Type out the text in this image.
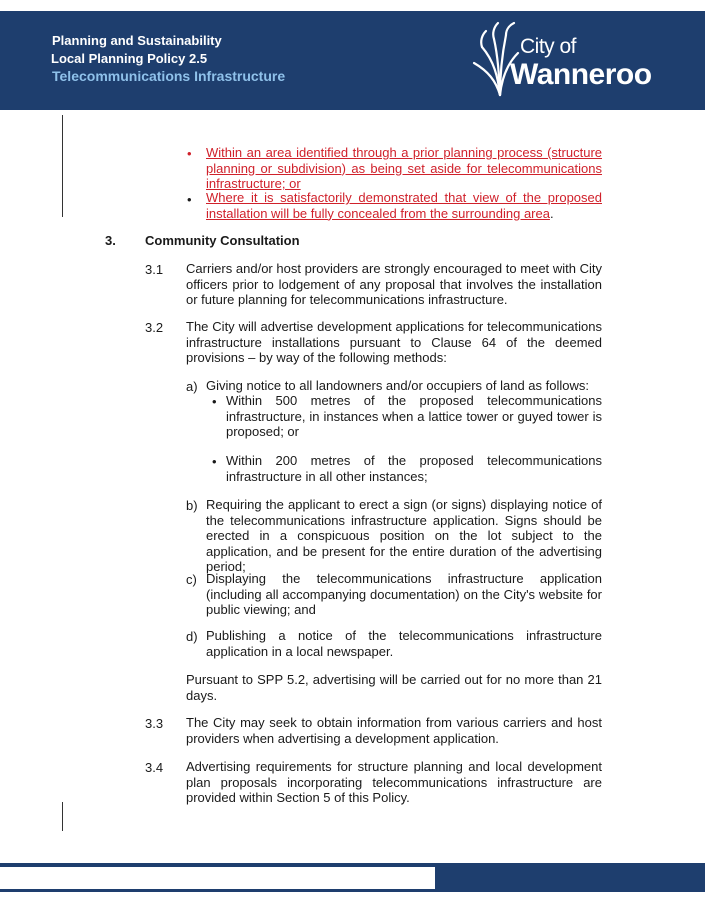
Planning and Sustainability
Local Planning Policy 2.5
Telecommunications Infrastructure
City of
Wanneroo
• Within an area identified through a prior planning process (structure planning or subdivision) as being set aside for telecommunications infrastructure; or
• Where it is satisfactorily demonstrated that view of the proposed installation will be fully concealed from the surrounding area.
3. Community Consultation
3.1 Carriers and/or host providers are strongly encouraged to meet with City officers prior to lodgement of any proposal that involves the installation or future planning for telecommunications infrastructure.
3.2 The City will advertise development applications for telecommunications infrastructure installations pursuant to Clause 64 of the deemed provisions – by way of the following methods:
a) Giving notice to all landowners and/or occupiers of land as follows:
• Within 500 metres of the proposed telecommunications infrastructure, in instances when a lattice tower or guyed tower is proposed; or
• Within 200 metres of the proposed telecommunications infrastructure in all other instances;
b) Requiring the applicant to erect a sign (or signs) displaying notice of the telecommunications infrastructure application. Signs should be erected in a conspicuous position on the lot subject to the application, and be present for the entire duration of the advertising period;
c) Displaying the telecommunications infrastructure application (including all accompanying documentation) on the City's website for public viewing; and
d) Publishing a notice of the telecommunications infrastructure application in a local newspaper.
Pursuant to SPP 5.2, advertising will be carried out for no more than 21 days.
3.3 The City may seek to obtain information from various carriers and host providers when advertising a development application.
3.4 Advertising requirements for structure planning and local development plan proposals incorporating telecommunications infrastructure are provided within Section 5 of this Policy.
